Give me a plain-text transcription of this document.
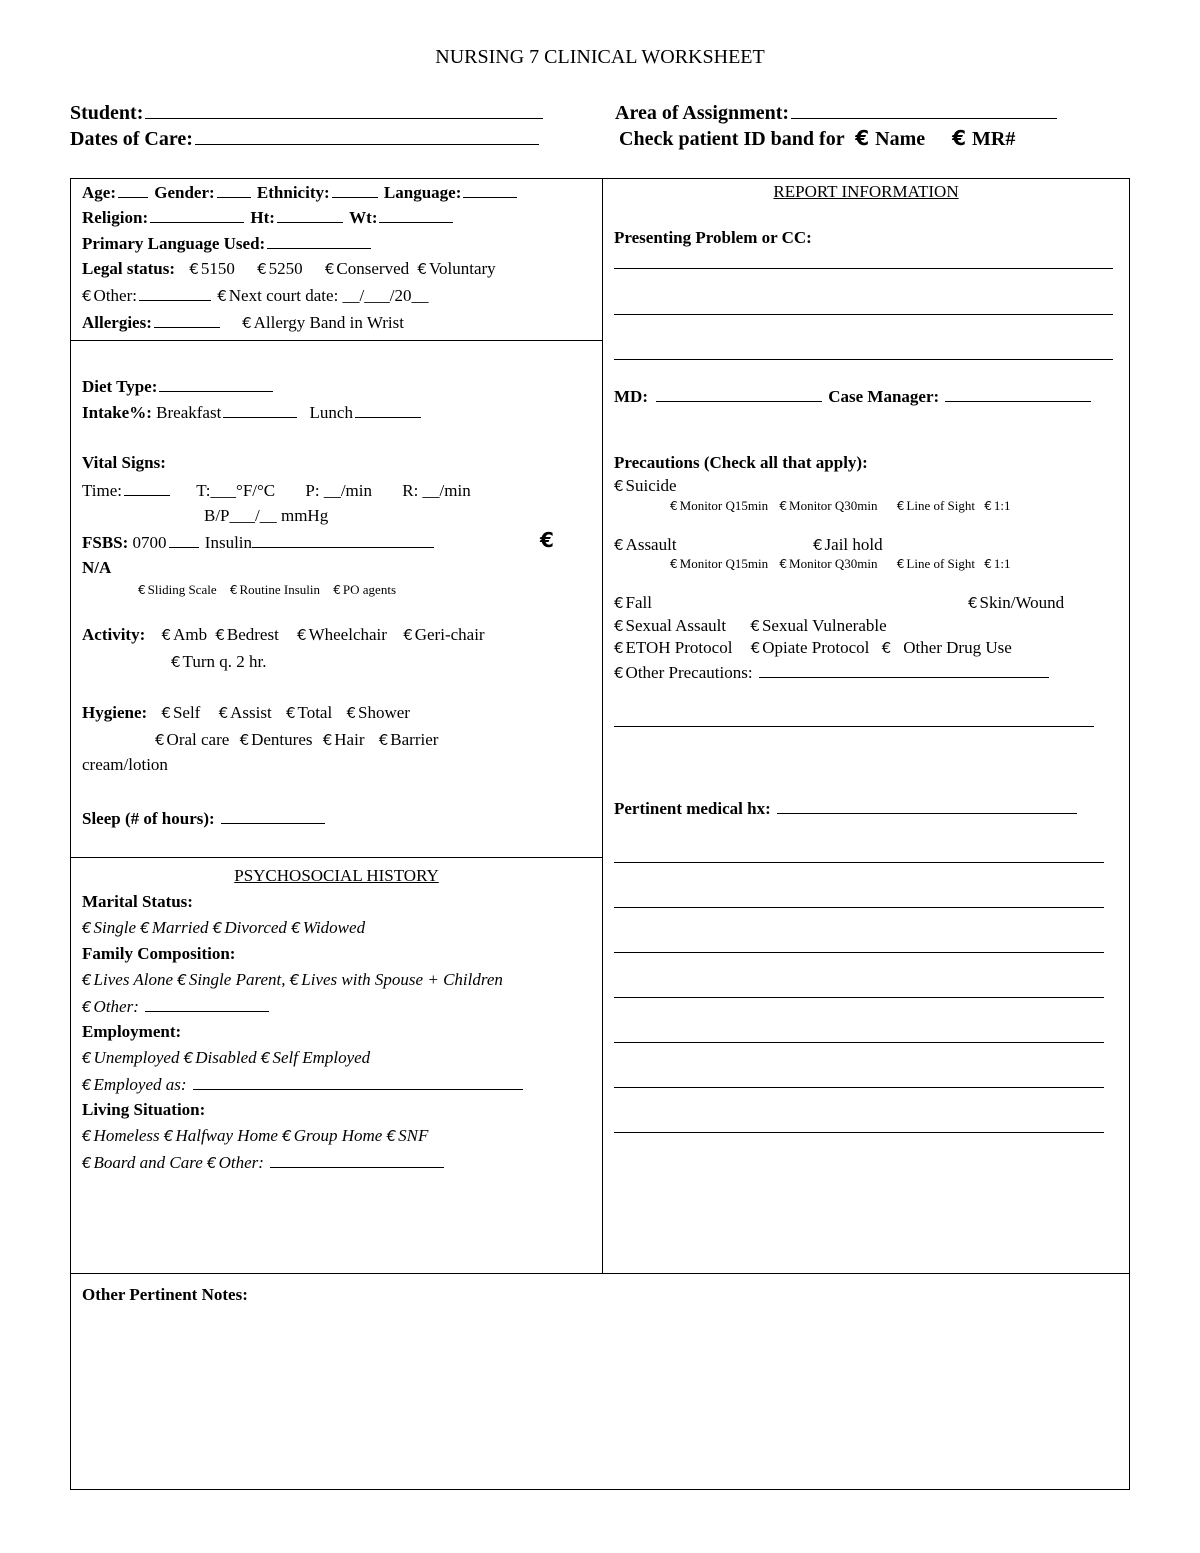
NURSING 7 CLINICAL WORKSHEET
Student:
Dates of Care:
Area of Assignment:
Check patient ID band for € Name € MR#
Age: Gender: Ethnicity:	Language:
Religion:	Ht:	Wt:
Primary Language Used:
Legal status: € 5150 € 5250 € Conserved € Voluntary
€ Other:	€ Next court date: __/___/20__
Allergies:	€ Allergy Band in Wrist
Diet Type:
Intake%: Breakfast	Lunch
Vital Signs:
Time:	T:___°F/°C P: __/min R: __/min
B/P___/__ mmHg
FSBS: 0700 Insulin	€
N/A
€ Sliding Scale € Routine Insulin € PO agents
Activity: € Amb € Bedrest € Wheelchair € Geri-chair
€ Turn q. 2 hr.
Hygiene: € Self € Assist € Total € Shower
€ Oral care € Dentures € Hair € Barrier
cream/lotion
Sleep (# of hours):
PSYCHOSOCIAL HISTORY
Marital Status:
€ Single € Married € Divorced € Widowed
Family Composition:
€ Lives Alone € Single Parent, € Lives with Spouse + Children
€ Other:
Employment:
€ Unemployed € Disabled € Self Employed
€ Employed as:
Living Situation:
€ Homeless € Halfway Home € Group Home € SNF
€ Board and Care € Other:
REPORT INFORMATION
Presenting Problem or CC:
MD:	Case Manager:
Precautions (Check all that apply):
€ Suicide
€ Monitor Q15min € Monitor Q30min € Line of Sight € 1:1
€ Assault	€ Jail hold
€ Monitor Q15min € Monitor Q30min € Line of Sight € 1:1
€ Fall	€ Skin/Wound
€ Sexual Assault € Sexual Vulnerable
€ ETOH Protocol € Opiate Protocol € Other Drug Use
€ Other Precautions:
Pertinent medical hx:
Other Pertinent Notes:
